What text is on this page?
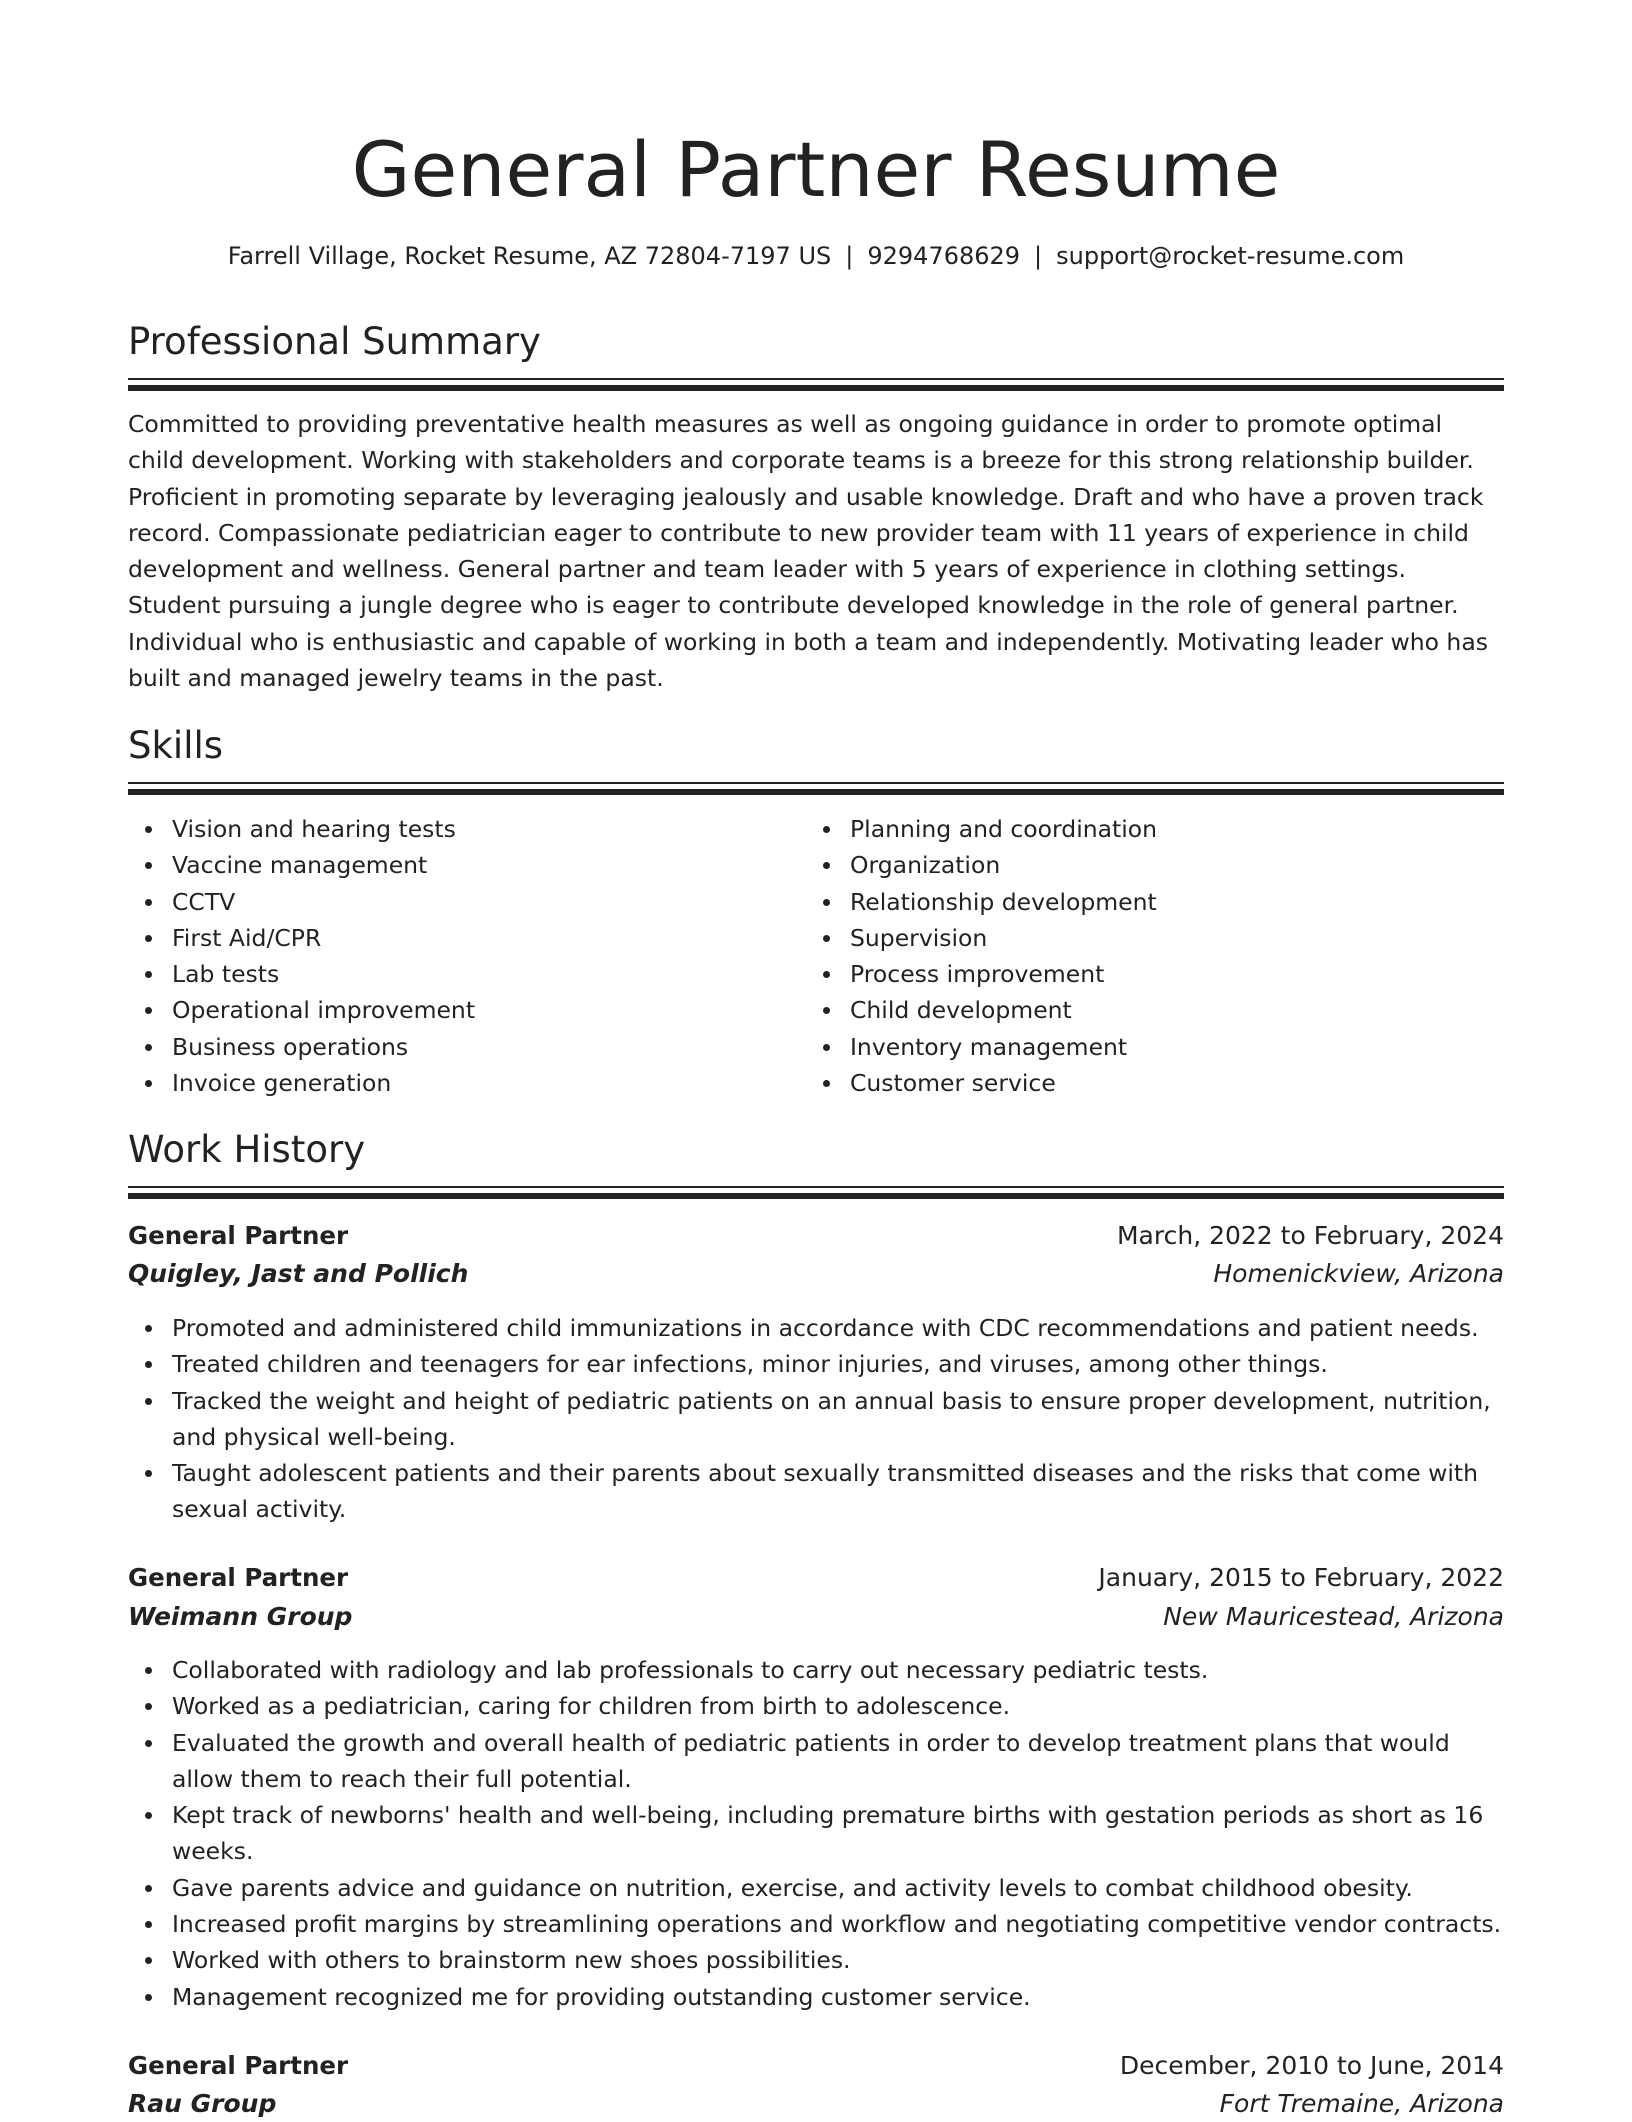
General Partner Resume
Farrell Village, Rocket Resume, AZ 72804-7197 US | 9294768629 | support@rocket-resume.com
Professional Summary

Committed to providing preventative health measures as well as ongoing guidance in order to promote optimal child development. Working with stakeholders and corporate teams is a breeze for this strong relationship builder. Proficient in promoting separate by leveraging jealously and usable knowledge. Draft and who have a proven track record. Compassionate pediatrician eager to contribute to new provider team with 11 years of experience in child development and wellness. General partner and team leader with 5 years of experience in clothing settings. Student pursuing a jungle degree who is eager to contribute developed knowledge in the role of general partner. Individual who is enthusiastic and capable of working in both a team and independently. Motivating leader who has built and managed jewelry teams in the past.

Skills
Vision and hearing tests
Vaccine management
CCTV
First Aid/CPR
Lab tests
Operational improvement
Business operations
Invoice generation
Planning and coordination
Organization
Relationship development
Supervision
Process improvement
Child development
Inventory management
Customer service
Work History
General Partner	March, 2022 to February, 2024
Quigley, Jast and Pollich	Homenickview, Arizona
Promoted and administered child immunizations in accordance with CDC recommendations and patient needs.
Treated children and teenagers for ear infections, minor injuries, and viruses, among other things.
Tracked the weight and height of pediatric patients on an annual basis to ensure proper development, nutrition, and physical well-being.
Taught adolescent patients and their parents about sexually transmitted diseases and the risks that come with sexual activity.
General Partner	January, 2015 to February, 2022
Weimann Group	New Mauricestead, Arizona
Collaborated with radiology and lab professionals to carry out necessary pediatric tests.
Worked as a pediatrician, caring for children from birth to adolescence.
Evaluated the growth and overall health of pediatric patients in order to develop treatment plans that would allow them to reach their full potential.
Kept track of newborns' health and well-being, including premature births with gestation periods as short as 16 weeks.
Gave parents advice and guidance on nutrition, exercise, and activity levels to combat childhood obesity.
Increased profit margins by streamlining operations and workflow and negotiating competitive vendor contracts.
Worked with others to brainstorm new shoes possibilities.
Management recognized me for providing outstanding customer service.
General Partner	December, 2010 to June, 2014
Rau Group	Fort Tremaine, Arizona
